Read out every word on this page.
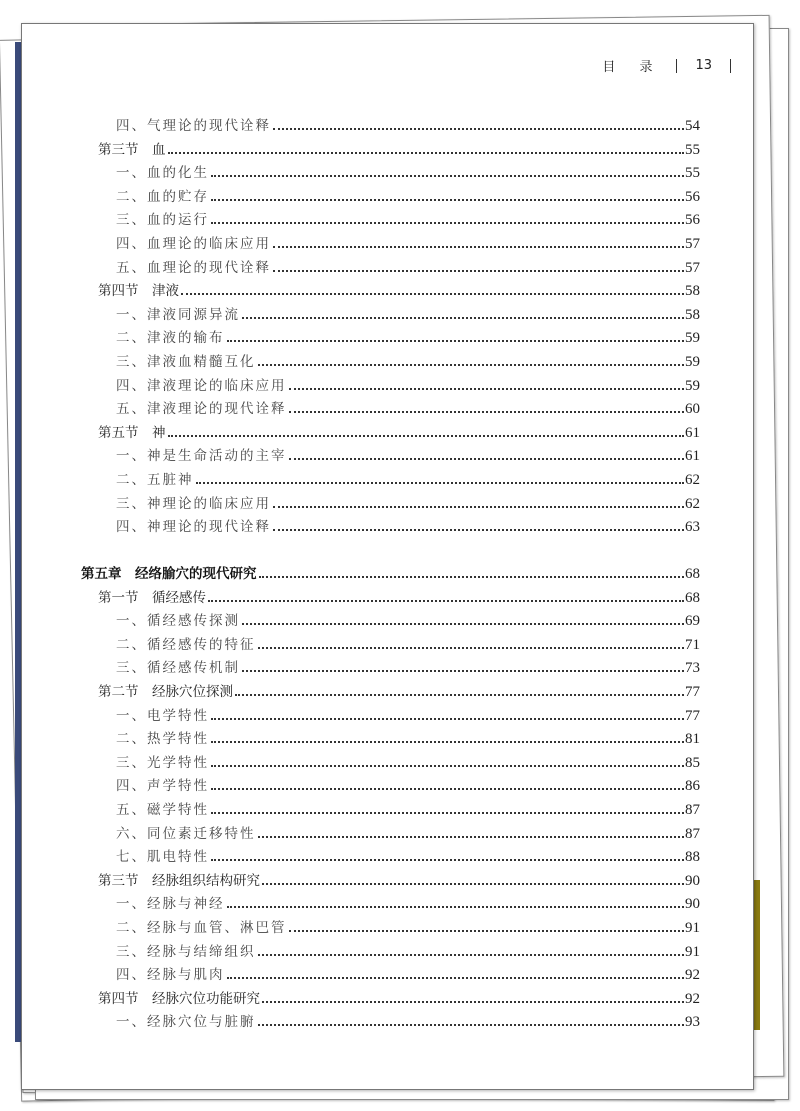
目 录	13
四、气理论的现代诠释	54
第三节　血	55
一、血的化生	55
二、血的贮存	56
三、血的运行	56
四、血理论的临床应用	57
五、血理论的现代诠释	57
第四节　津液	58
一、津液同源异流	58
二、津液的输布	59
三、津液血精髓互化	59
四、津液理论的临床应用	59
五、津液理论的现代诠释	60
第五节　神	61
一、神是生命活动的主宰	61
二、五脏神	62
三、神理论的临床应用	62
四、神理论的现代诠释	63
第五章　经络腧穴的现代研究	68
第一节　循经感传	68
一、循经感传探测	69
二、循经感传的特征	71
三、循经感传机制	73
第二节　经脉穴位探测	77
一、电学特性	77
二、热学特性	81
三、光学特性	85
四、声学特性	86
五、磁学特性	87
六、同位素迁移特性	87
七、肌电特性	88
第三节　经脉组织结构研究	90
一、经脉与神经	90
二、经脉与血管、淋巴管	91
三、经脉与结缔组织	91
四、经脉与肌肉	92
第四节　经脉穴位功能研究	92
一、经脉穴位与脏腑	93
